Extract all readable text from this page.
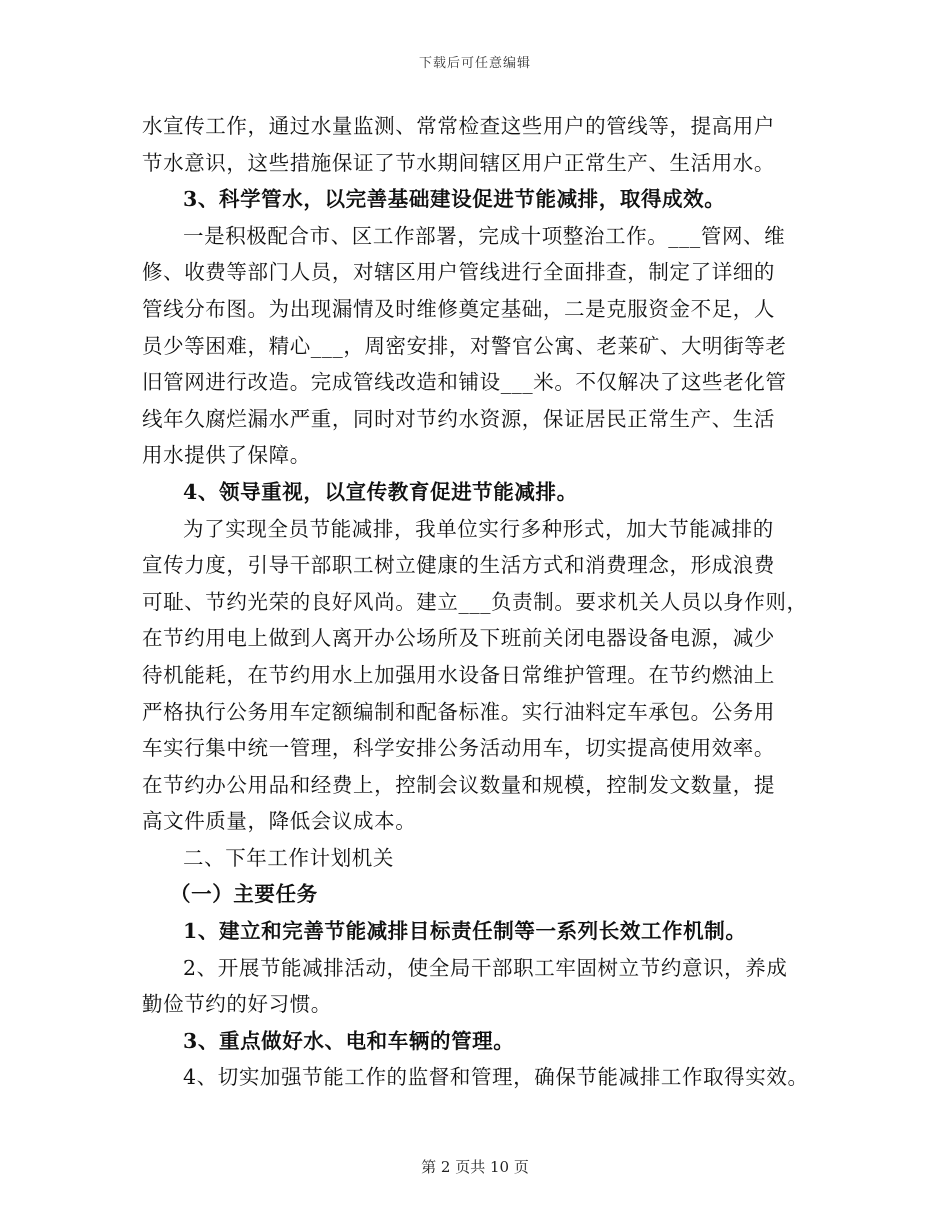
下载后可任意编辑
水宣传工作，通过水量监测、常常检查这些用户的管线等，提高用户
节水意识，这些措施保证了节水期间辖区用户正常生产、生活用水。
3、科学管水，以完善基础建设促进节能减排，取得成效。
一是积极配合市、区工作部署，完成十项整治工作。___管网、维
修、收费等部门人员，对辖区用户管线进行全面排查，制定了详细的
管线分布图。为出现漏情及时维修奠定基础，二是克服资金不足，人
员少等困难，精心___，周密安排，对警官公寓、老莱矿、大明街等老
旧管网进行改造。完成管线改造和铺设___米。不仅解决了这些老化管
线年久腐烂漏水严重，同时对节约水资源，保证居民正常生产、生活
用水提供了保障。
4、领导重视，以宣传教育促进节能减排。
为了实现全员节能减排，我单位实行多种形式，加大节能减排的
宣传力度，引导干部职工树立健康的生活方式和消费理念，形成浪费
可耻、节约光荣的良好风尚。建立___负责制。要求机关人员以身作则，
在节约用电上做到人离开办公场所及下班前关闭电器设备电源，减少
待机能耗，在节约用水上加强用水设备日常维护管理。在节约燃油上
严格执行公务用车定额编制和配备标准。实行油料定车承包。公务用
车实行集中统一管理，科学安排公务活动用车，切实提高使用效率。
在节约办公用品和经费上，控制会议数量和规模，控制发文数量，提
高文件质量，降低会议成本。
二、下年工作计划机关
（一）主要任务
1、建立和完善节能减排目标责任制等一系列长效工作机制。
2、开展节能减排活动，使全局干部职工牢固树立节约意识，养成
勤俭节约的好习惯。
3、重点做好水、电和车辆的管理。
4、切实加强节能工作的监督和管理，确保节能减排工作取得实效。
第 2 页共 10 页
